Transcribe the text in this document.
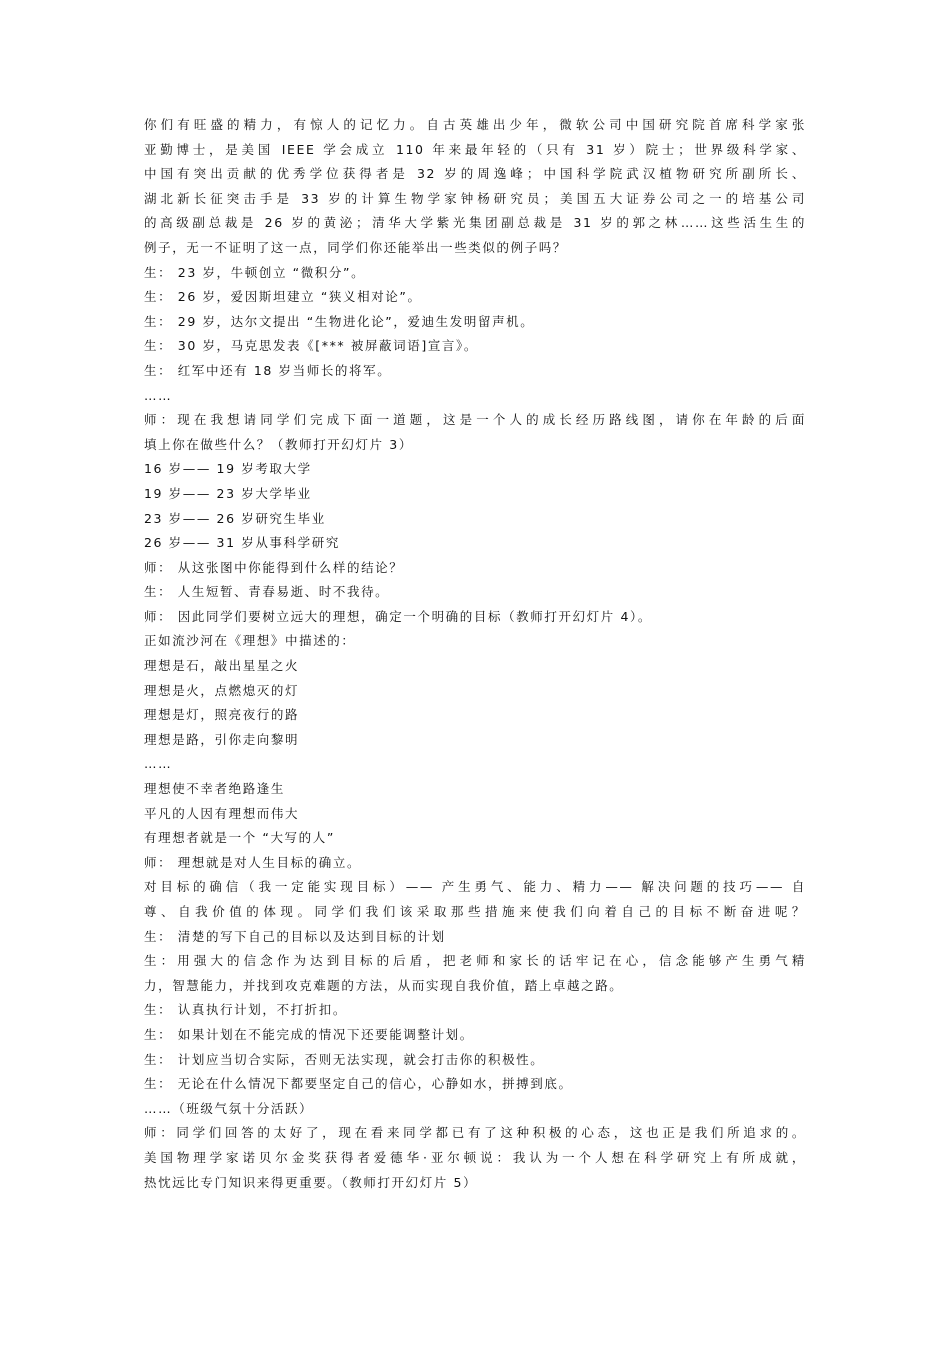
你们有旺盛的精力，有惊人的记忆力。自古英雄出少年，微软公司中国研究院首席科学家张
亚勤博士，是美国 IEEE 学会成立 110 年来最年轻的（只有 31 岁）院士；世界级科学家、
中国有突出贡献的优秀学位获得者是 32 岁的周逸峰；中国科学院武汉植物研究所副所长、
湖北新长征突击手是 33 岁的计算生物学家钟杨研究员；美国五大证券公司之一的培基公司
的高级副总裁是 26 岁的黄泌；清华大学紫光集团副总裁是 31 岁的郭之林……这些活生生的
例子，无一不证明了这一点，同学们你还能举出一些类似的例子吗？
生： 23 岁，牛顿创立 “微积分”。
生： 26 岁，爱因斯坦建立 “狭义相对论”。
生： 29 岁，达尔文提出 “生物进化论”，爱迪生发明留声机。
生： 30 岁，马克思发表《[*** 被屏蔽词语]宣言》。
生： 红军中还有 18 岁当师长的将军。
……
师：现在我想请同学们完成下面一道题，这是一个人的成长经历路线图，请你在年龄的后面
填上你在做些什么？（教师打开幻灯片 3）
16 岁—— 19 岁考取大学
19 岁—— 23 岁大学毕业
23 岁—— 26 岁研究生毕业
26 岁—— 31 岁从事科学研究
师： 从这张图中你能得到什么样的结论？
生： 人生短暂、青春易逝、时不我待。
师： 因此同学们要树立远大的理想，确定一个明确的目标（教师打开幻灯片 4）。
正如流沙河在《理想》中描述的：
理想是石，敲出星星之火
理想是火，点燃熄灭的灯
理想是灯，照亮夜行的路
理想是路，引你走向黎明
……
理想使不幸者绝路逢生
平凡的人因有理想而伟大
有理想者就是一个 “大写的人”
师： 理想就是对人生目标的确立。
对目标的确信（我一定能实现目标）—— 产生勇气、能力、精力—— 解决问题的技巧—— 自
尊、自我价值的体现。同学们我们该采取那些措施来使我们向着自己的目标不断奋进呢？
生： 清楚的写下自己的目标以及达到目标的计划
生：用强大的信念作为达到目标的后盾，把老师和家长的话牢记在心，信念能够产生勇气精
力，智慧能力，并找到攻克难题的方法，从而实现自我价值，踏上卓越之路。
生： 认真执行计划，不打折扣。
生： 如果计划在不能完成的情况下还要能调整计划。
生： 计划应当切合实际，否则无法实现，就会打击你的积极性。
生： 无论在什么情况下都要坚定自己的信心，心静如水，拼搏到底。
……（班级气氛十分活跃）
师：同学们回答的太好了，现在看来同学都已有了这种积极的心态，这也正是我们所追求的。
美国物理学家诺贝尔金奖获得者爱德华·亚尔顿说：我认为一个人想在科学研究上有所成就，
热忱远比专门知识来得更重要。（教师打开幻灯片 5）
